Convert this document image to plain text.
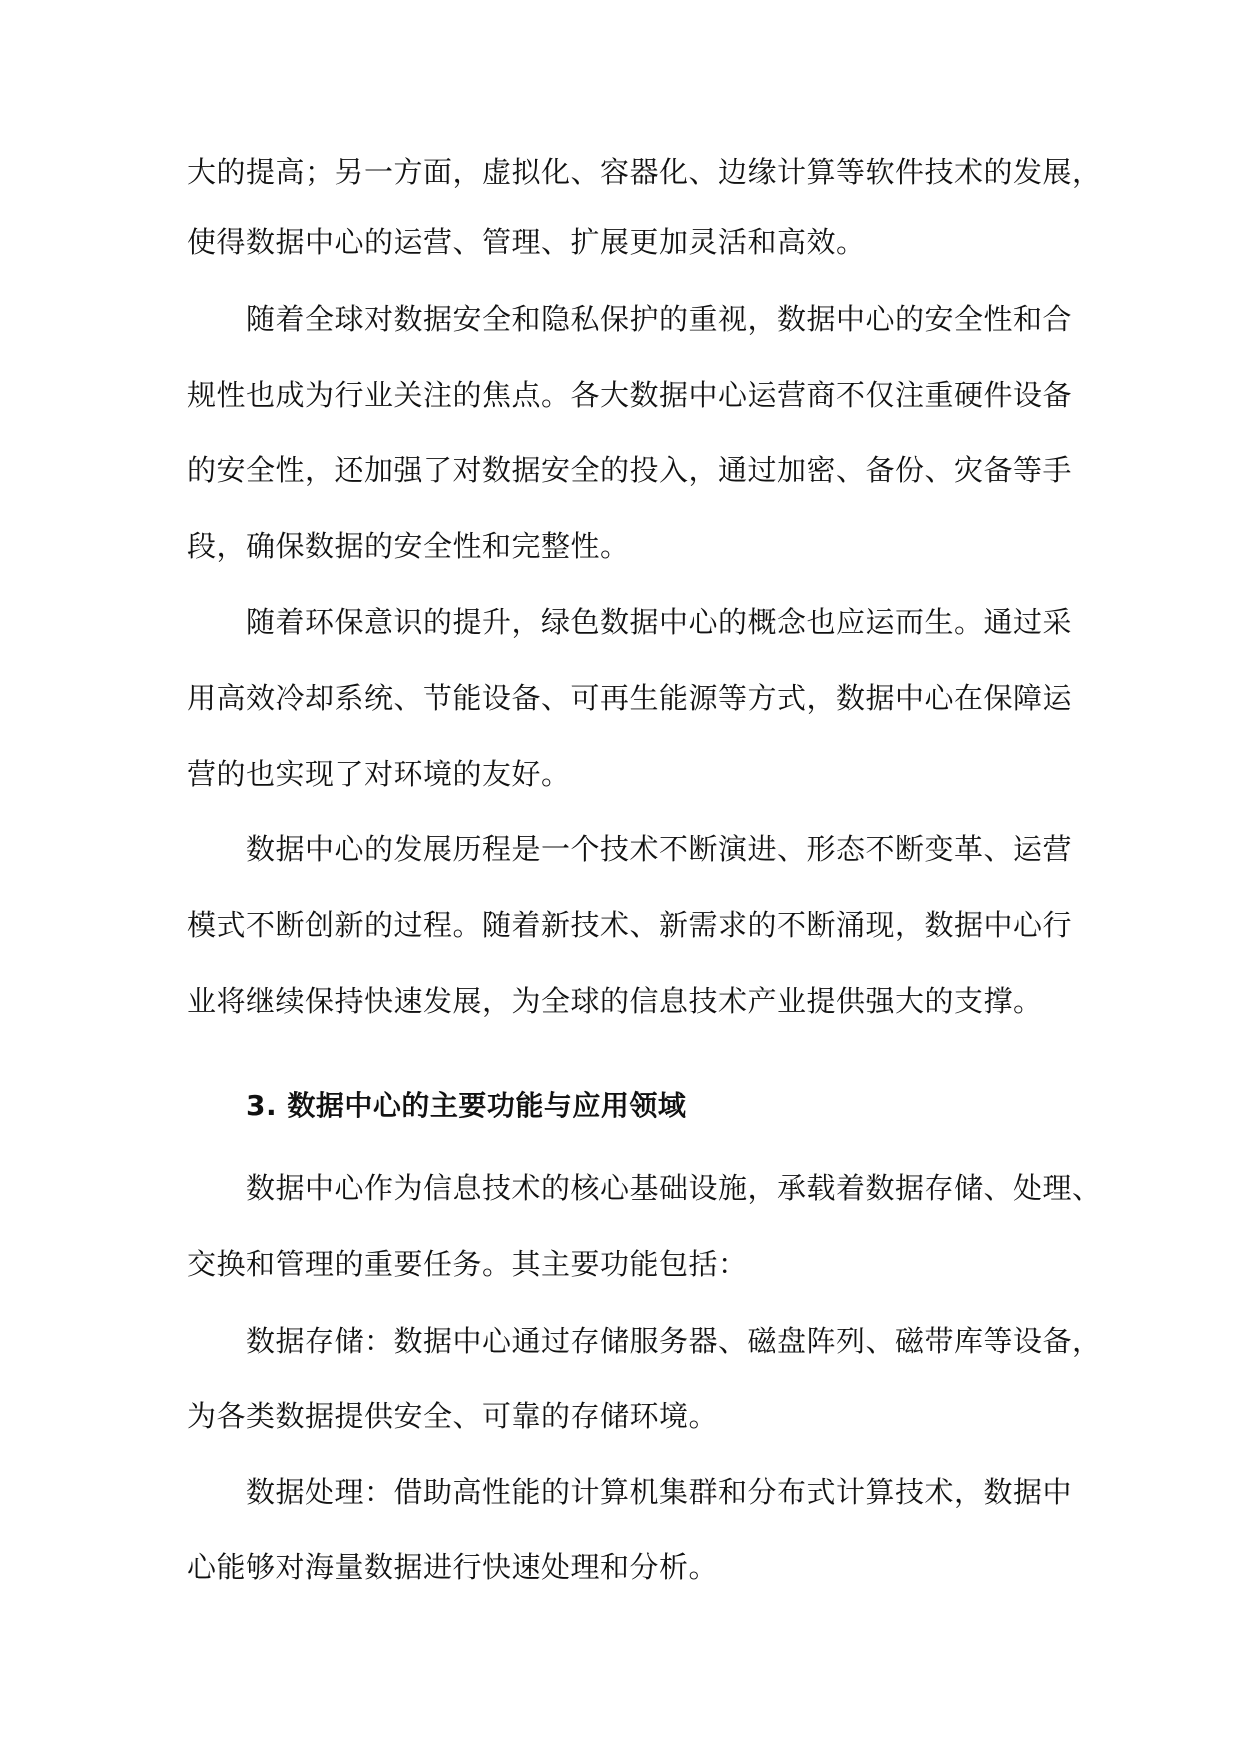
大的提高；另一方面，虚拟化、容器化、边缘计算等软件技术的发展，
使得数据中心的运营、管理、扩展更加灵活和高效。
随着全球对数据安全和隐私保护的重视，数据中心的安全性和合
规性也成为行业关注的焦点。各大数据中心运营商不仅注重硬件设备
的安全性，还加强了对数据安全的投入，通过加密、备份、灾备等手
段，确保数据的安全性和完整性。
随着环保意识的提升，绿色数据中心的概念也应运而生。通过采
用高效冷却系统、节能设备、可再生能源等方式，数据中心在保障运
营的也实现了对环境的友好。
数据中心的发展历程是一个技术不断演进、形态不断变革、运营
模式不断创新的过程。随着新技术、新需求的不断涌现，数据中心行
业将继续保持快速发展，为全球的信息技术产业提供强大的支撑。
3. 数据中心的主要功能与应用领域
数据中心作为信息技术的核心基础设施，承载着数据存储、处理、
交换和管理的重要任务。其主要功能包括：
数据存储：数据中心通过存储服务器、磁盘阵列、磁带库等设备，
为各类数据提供安全、可靠的存储环境。
数据处理：借助高性能的计算机集群和分布式计算技术，数据中
心能够对海量数据进行快速处理和分析。
